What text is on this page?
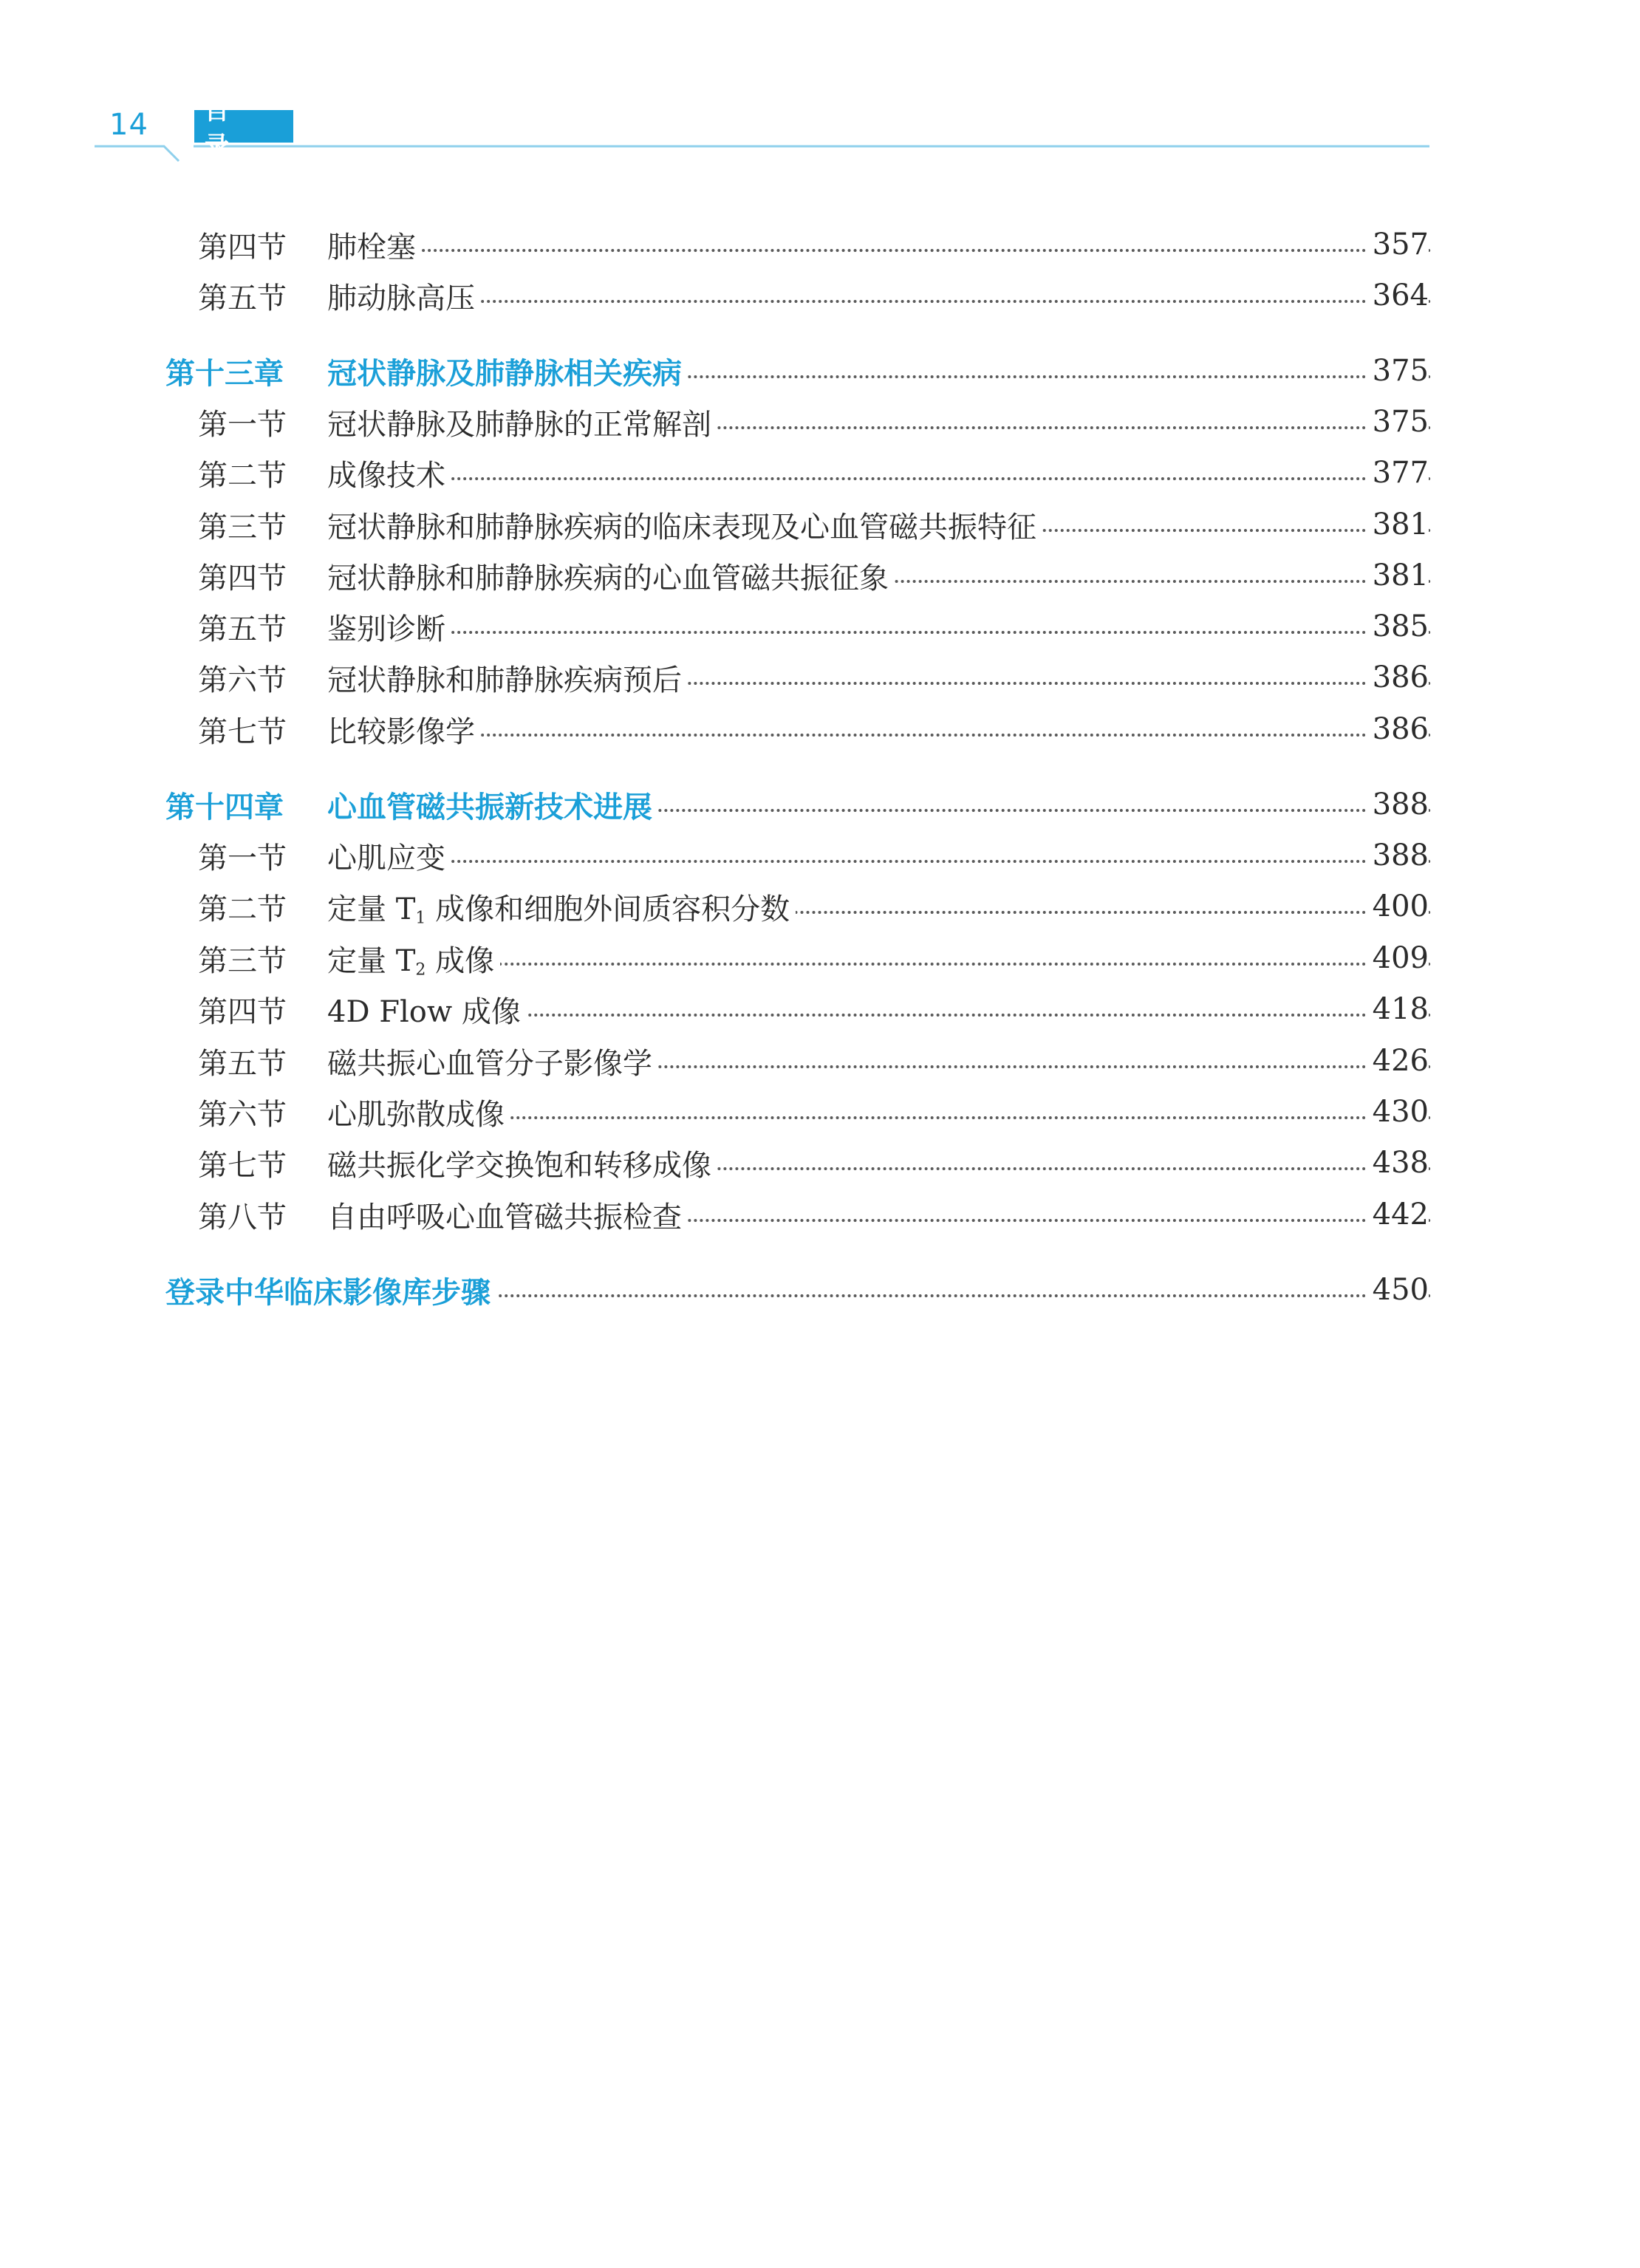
14	目 录
第四节 肺栓塞	357
第五节 肺动脉高压	364
第十三章 冠状静脉及肺静脉相关疾病	375
第一节 冠状静脉及肺静脉的正常解剖	375
第二节 成像技术	377
第三节 冠状静脉和肺静脉疾病的临床表现及心血管磁共振特征	381
第四节 冠状静脉和肺静脉疾病的心血管磁共振征象	381
第五节 鉴别诊断	385
第六节 冠状静脉和肺静脉疾病预后	386
第七节 比较影像学	386
第十四章 心血管磁共振新技术进展	388
第一节 心肌应变	388
第二节 定量 $T_1$ 成像和细胞外间质容积分数	400
第三节 定量 $T_2$ 成像	409
第四节 4D Flow 成像	418
第五节 磁共振心血管分子影像学	426
第六节 心肌弥散成像	430
第七节 磁共振化学交换饱和转移成像	438
第八节 自由呼吸心血管磁共振检查	442
登录中华临床影像库步骤	450
